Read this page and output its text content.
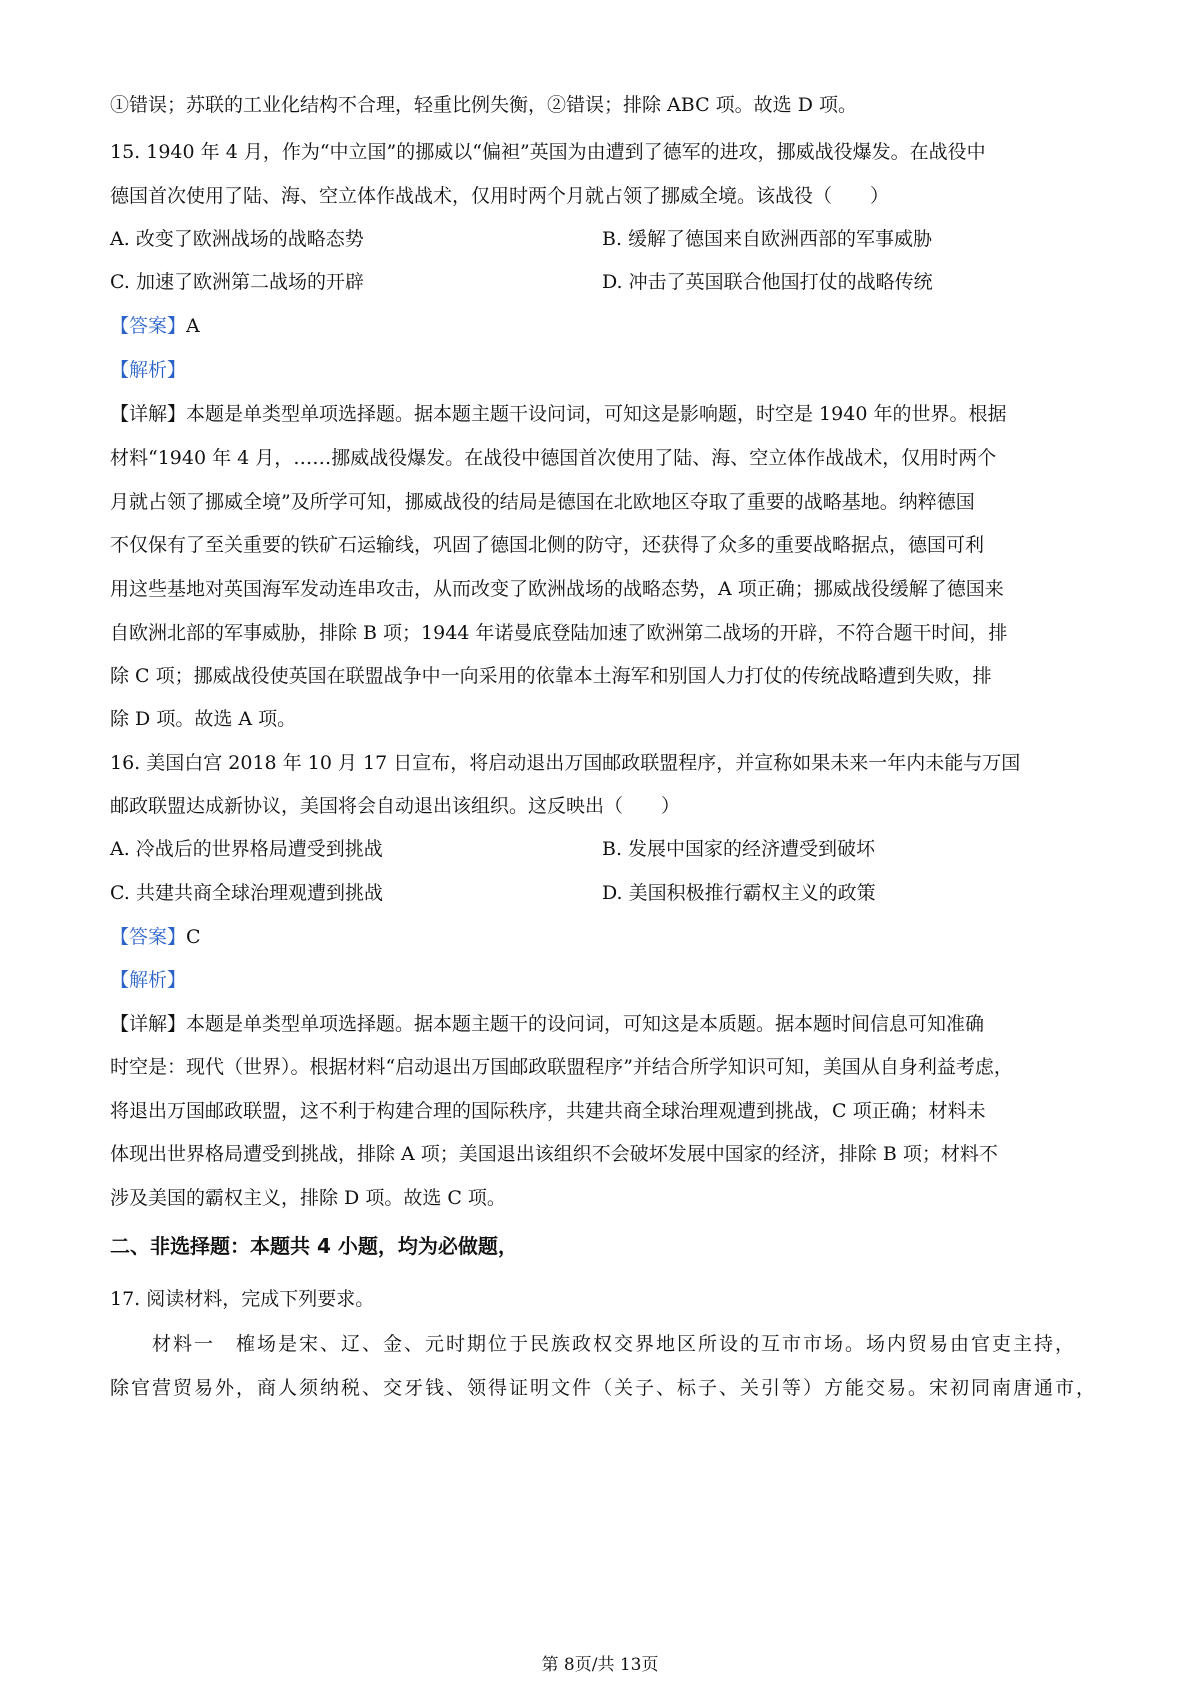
①错误；苏联的工业化结构不合理，轻重比例失衡，②错误；排除 ABC 项。故选 D 项。
15. 1940 年 4 月，作为“中立国”的挪威以“偏袒”英国为由遭到了德军的进攻，挪威战役爆发。在战役中
德国首次使用了陆、海、空立体作战战术，仅用时两个月就占领了挪威全境。该战役（　　）
A. 改变了欧洲战场的战略态势	B. 缓解了德国来自欧洲西部的军事威胁
C. 加速了欧洲第二战场的开辟	D. 冲击了英国联合他国打仗的战略传统
【答案】A
【解析】
【详解】本题是单类型单项选择题。据本题主题干设问词，可知这是影响题，时空是 1940 年的世界。根据
材料“1940 年 4 月，……挪威战役爆发。在战役中德国首次使用了陆、海、空立体作战战术，仅用时两个
月就占领了挪威全境”及所学可知，挪威战役的结局是德国在北欧地区夺取了重要的战略基地。纳粹德国
不仅保有了至关重要的铁矿石运输线，巩固了德国北侧的防守，还获得了众多的重要战略据点，德国可利
用这些基地对英国海军发动连串攻击，从而改变了欧洲战场的战略态势，A 项正确；挪威战役缓解了德国来
自欧洲北部的军事威胁，排除 B 项；1944 年诺曼底登陆加速了欧洲第二战场的开辟，不符合题干时间，排
除 C 项；挪威战役使英国在联盟战争中一向采用的依靠本土海军和别国人力打仗的传统战略遭到失败，排
除 D 项。故选 A 项。
16. 美国白宫 2018 年 10 月 17 日宣布，将启动退出万国邮政联盟程序，并宣称如果未来一年内未能与万国
邮政联盟达成新协议，美国将会自动退出该组织。这反映出（　　）
A. 冷战后的世界格局遭受到挑战	B. 发展中国家的经济遭受到破坏
C. 共建共商全球治理观遭到挑战	D. 美国积极推行霸权主义的政策
【答案】C
【解析】
【详解】本题是单类型单项选择题。据本题主题干的设问词，可知这是本质题。据本题时间信息可知准确
时空是：现代（世界）。根据材料“启动退出万国邮政联盟程序”并结合所学知识可知，美国从自身利益考虑，
将退出万国邮政联盟，这不利于构建合理的国际秩序，共建共商全球治理观遭到挑战，C 项正确；材料未
体现出世界格局遭受到挑战，排除 A 项；美国退出该组织不会破坏发展中国家的经济，排除 B 项；材料不
涉及美国的霸权主义，排除 D 项。故选 C 项。
二、非选择题：本题共 4 小题，均为必做题，
17. 阅读材料，完成下列要求。
　　材料一　榷场是宋、辽、金、元时期位于民族政权交界地区所设的互市市场。场内贸易由官吏主持，
除官营贸易外，商人须纳税、交牙钱、领得证明文件（关子、标子、关引等）方能交易。宋初同南唐通市，
第 8页/共 13页
